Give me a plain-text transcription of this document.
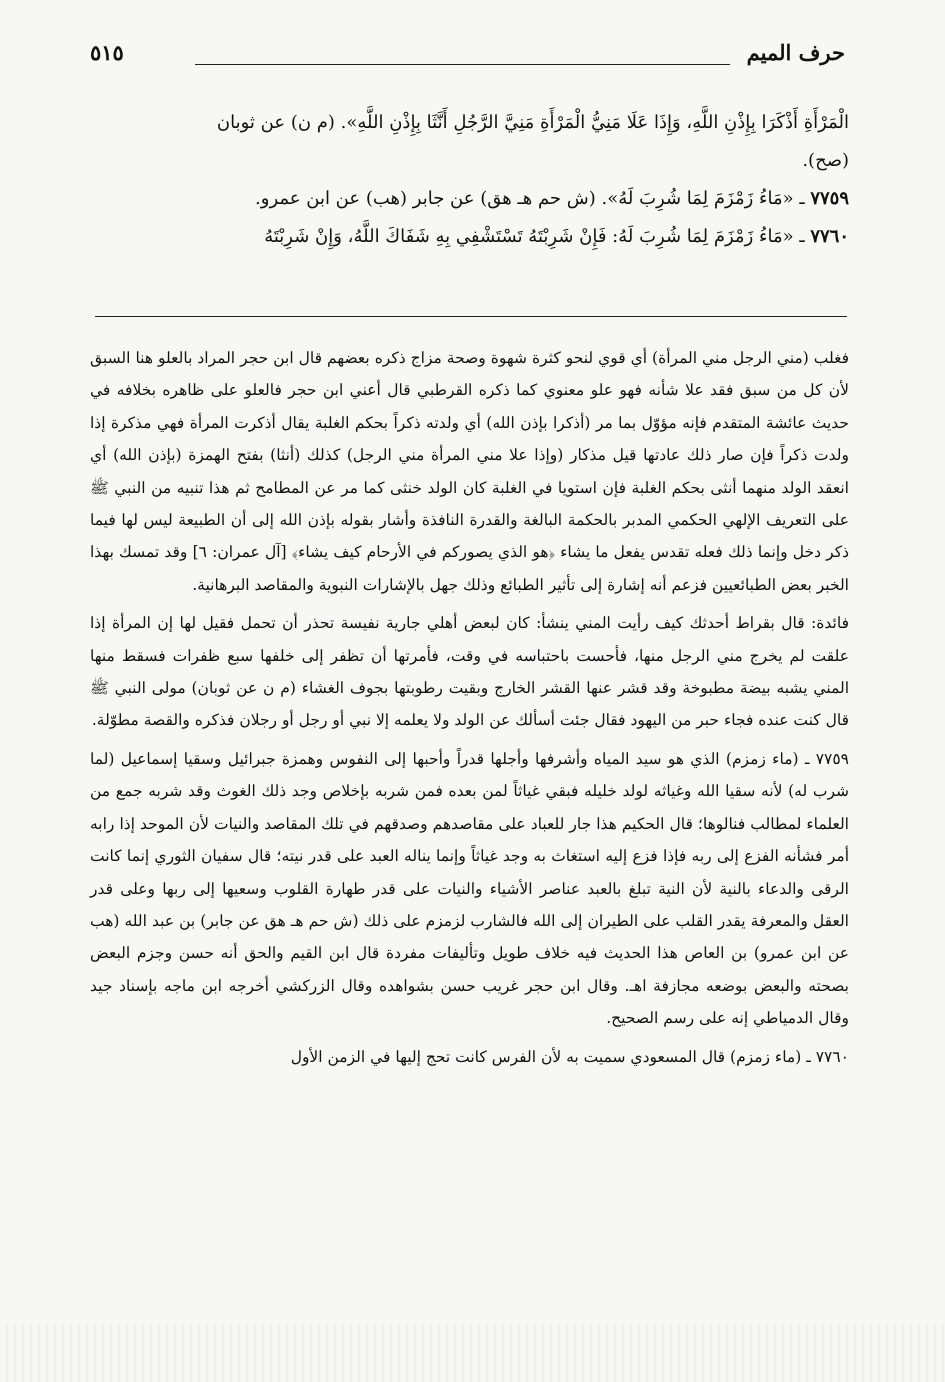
حرف الميم
٥١٥

الْمَرْأَةِ أَذْكَرَا بِإِذْنِ اللَّهِ، وَإِذَا عَلَا مَنِيُّ الْمَرْأَةِ مَنِيَّ الرَّجُلِ أَنَّثَا بِإِذْنِ اللَّهِ». (م ن) عن ثوبان

(صح).

٧٧٥٩ ـ «مَاءُ زَمْزَمَ لِمَا شُرِبَ لَهُ». (ش حم هـ هق) عن جابر (هب) عن ابن عمرو.

٧٧٦٠ ـ «مَاءُ زَمْزَمَ لِمَا شُرِبَ لَهُ: فَإِنْ شَرِبْتَهُ تَسْتَشْفِي بِهِ شَفَاكَ اللَّهُ، وَإِنْ شَرِبْتَهُ

فغلب (مني الرجل مني المرأة) أي قوي لنحو كثرة شهوة وصحة مزاج ذكره بعضهم قال ابن حجر المراد بالعلو هنا السبق لأن كل من سبق فقد علا شأنه فهو علو معنوي كما ذكره القرطبي قال أعني ابن حجر فالعلو على ظاهره بخلافه في حديث عائشة المتقدم فإنه مؤوّل بما مر (أذكرا بإذن الله) أي ولدته ذكراً بحكم الغلبة يقال أذكرت المرأة فهي مذكرة إذا ولدت ذكراً فإن صار ذلك عادتها قيل مذكار (وإذا علا مني المرأة مني الرجل) كذلك (أنثا) بفتح الهمزة (بإذن الله) أي انعقد الولد منهما أنثى بحكم الغلبة فإن استويا في الغلبة كان الولد خنثى كما مر عن المطامح ثم هذا تنبيه من النبي ﷺ على التعريف الإلهي الحكمي المدبر بالحكمة البالغة والقدرة النافذة وأشار بقوله بإذن الله إلى أن الطبيعة ليس لها فيما ذكر دخل وإنما ذلك فعله تقدس يفعل ما يشاء ﴿هو الذي يصوركم في الأرحام كيف يشاء﴾ [آل عمران: ٦] وقد تمسك بهذا الخبر بعض الطبائعيين فزعم أنه إشارة إلى تأثير الطبائع وذلك جهل بالإشارات النبوية والمقاصد البرهانية.

فائدة: قال بقراط أحدثك كيف رأيت المني ينشأ: كان لبعض أهلي جارية نفيسة تحذر أن تحمل فقيل لها إن المرأة إذا علقت لم يخرج مني الرجل منها، فأحست باحتباسه في وقت، فأمرتها أن تظفر إلى خلفها سبع ظفرات فسقط منها المني يشبه بيضة مطبوخة وقد قشر عنها القشر الخارج وبقيت رطوبتها بجوف الغشاء (م ن عن ثوبان) مولى النبي ﷺ قال كنت عنده فجاء حبر من اليهود فقال جئت أسألك عن الولد ولا يعلمه إلا نبي أو رجل أو رجلان فذكره والقصة مطوّلة.

٧٧٥٩ ـ (ماء زمزم) الذي هو سيد المياه وأشرفها وأجلها قدراً وأحبها إلى النفوس وهمزة جبرائيل وسقيا إسماعيل (لما شرب له) لأنه سقيا الله وغياثه لولد خليله فبقي غياثاً لمن بعده فمن شربه بإخلاص وجد ذلك الغوث وقد شربه جمع من العلماء لمطالب فنالوها؛ قال الحكيم هذا جار للعباد على مقاصدهم وصدقهم في تلك المقاصد والنيات لأن الموحد إذا رابه أمر فشأنه الفزع إلى ربه فإذا فزع إليه استغاث به وجد غياثاً وإنما يناله العبد على قدر نيته؛ قال سفيان الثوري إنما كانت الرقى والدعاء بالنية لأن النية تبلغ بالعبد عناصر الأشياء والنيات على قدر طهارة القلوب وسعيها إلى ربها وعلى قدر العقل والمعرفة يقدر القلب على الطيران إلى الله فالشارب لزمزم على ذلك (ش حم هـ هق عن جابر) بن عبد الله (هب عن ابن عمرو) بن العاص هذا الحديث فيه خلاف طويل وتأليفات مفردة قال ابن القيم والحق أنه حسن وجزم البعض بصحته والبعض بوضعه مجازفة اهـ. وقال ابن حجر غريب حسن بشواهده وقال الزركشي أخرجه ابن ماجه بإسناد جيد وقال الدمياطي إنه على رسم الصحيح.

٧٧٦٠ ـ (ماء زمزم) قال المسعودي سميت به لأن الفرس كانت تحج إليها في الزمن الأول
